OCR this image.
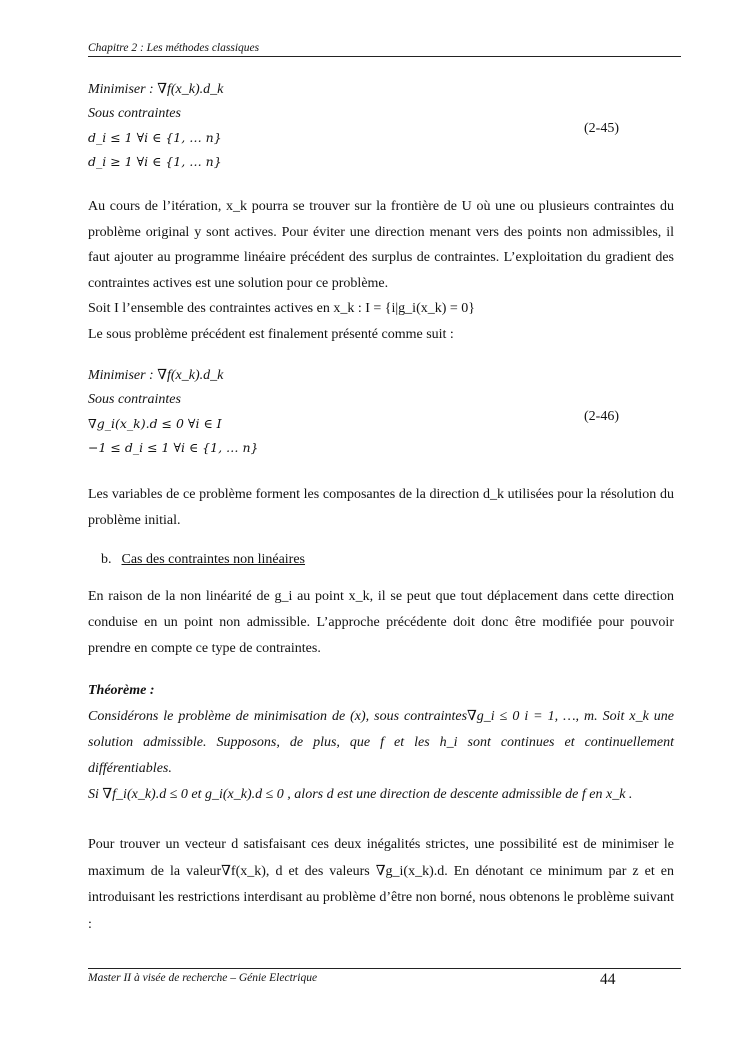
Chapitre 2 : Les méthodes classiques
Minimiser : ∇f(x_k).d_k
Sous contraintes
d_i ≤ 1 ∀i ∈ {1, … n}
d_i ≥ 1 ∀i ∈ {1, … n}
(2-45)
Au cours de l’itération, x_k pourra se trouver sur la frontière de U où une ou plusieurs contraintes du problème original y sont actives. Pour éviter une direction menant vers des points non admissibles, il faut ajouter au programme linéaire précédent des surplus de contraintes. L’exploitation du gradient des contraintes actives est une solution pour ce problème.
Soit I l’ensemble des contraintes actives en x_k : I = {i|g_i(x_k) = 0}
Le sous problème précédent est finalement présenté comme suit :
Minimiser : ∇f(x_k).d_k
Sous contraintes
∇g_i(x_k).d ≤ 0 ∀i ∈ I
−1 ≤ d_i ≤ 1 ∀i ∈ {1, … n}
(2-46)
Les variables de ce problème forment les composantes de la direction d_k utilisées pour la résolution du problème initial.
b. Cas des contraintes non linéaires
En raison de la non linéarité de g_i au point x_k, il se peut que tout déplacement dans cette direction conduise en un point non admissible. L’approche précédente doit donc être modifiée pour pouvoir prendre en compte ce type de contraintes.
Théorème :
Considérons le problème de minimisation de (x), sous contraintes∇g_i ≤ 0 i = 1, …, m. Soit x_k une solution admissible. Supposons, de plus, que f et les h_i sont continues et continuellement différentiables.
Si ∇f_i(x_k).d ≤ 0 et g_i(x_k).d ≤ 0 , alors d est une direction de descente admissible de f en x_k .
Pour trouver un vecteur d satisfaisant ces deux inégalités strictes, une possibilité est de minimiser le maximum de la valeur∇f(x_k), d et des valeurs ∇g_i(x_k).d. En dénotant ce minimum par z et en introduisant les restrictions interdisant au problème d’être non borné, nous obtenons le problème suivant :
Master II à visée de recherche – Génie Electrique	44
